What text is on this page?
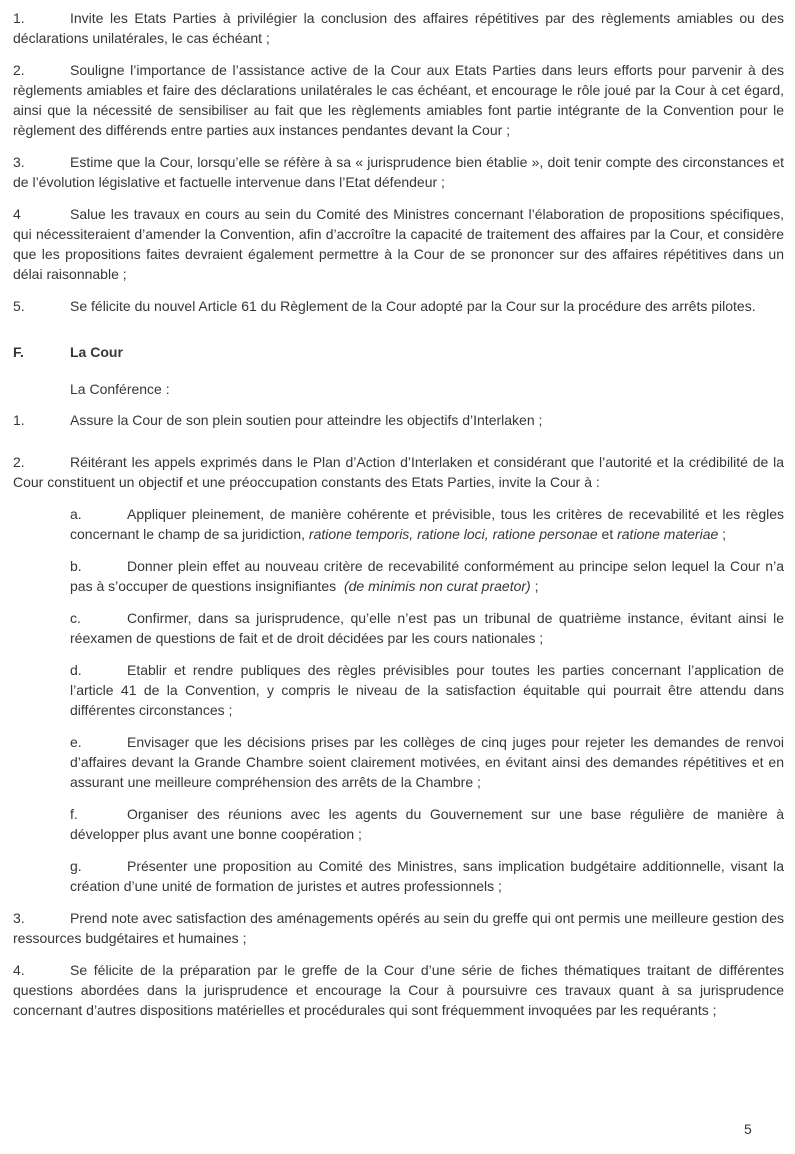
1.	Invite les Etats Parties à privilégier la conclusion des affaires répétitives par des règlements amiables ou des déclarations unilatérales, le cas échéant ;

2.	Souligne l’importance de l’assistance active de la Cour aux Etats Parties dans leurs efforts pour parvenir à des règlements amiables et faire des déclarations unilatérales le cas échéant, et encourage le rôle joué par la Cour à cet égard, ainsi que la nécessité de sensibiliser au fait que les règlements amiables font partie intégrante de la Convention pour le règlement des différends entre parties aux instances pendantes devant la Cour ;

3.	Estime que la Cour, lorsqu’elle se réfère à sa « jurisprudence bien établie », doit tenir compte des circonstances et de l’évolution législative et factuelle intervenue dans l’Etat défendeur ;

4	Salue les travaux en cours au sein du Comité des Ministres concernant l’élaboration de propositions spécifiques, qui nécessiteraient d’amender la Convention, afin d’accroître la capacité de traitement des affaires par la Cour, et considère que les propositions faites devraient également permettre à la Cour de se prononcer sur des affaires répétitives dans un délai raisonnable ;

5.	Se félicite du nouvel Article 61 du Règlement de la Cour adopté par la Cour sur la procédure des arrêts pilotes.

F.	La Cour

La Conférence :

1.	Assure la Cour de son plein soutien pour atteindre les objectifs d’Interlaken ;

2.	Réitérant les appels exprimés dans le Plan d’Action d’Interlaken et considérant que l’autorité et la crédibilité de la Cour constituent un objectif et une préoccupation constants des Etats Parties, invite la Cour à :

a.	Appliquer pleinement, de manière cohérente et prévisible, tous les critères de recevabilité et les règles concernant le champ de sa juridiction, ratione temporis, ratione loci, ratione personae et ratione materiae ;

b.	Donner plein effet au nouveau critère de recevabilité conformément au principe selon lequel la Cour n’a pas à s’occuper de questions insignifiantes  (de minimis non curat praetor) ;

c.	Confirmer, dans sa jurisprudence, qu’elle n’est pas un tribunal de quatrième instance, évitant ainsi le réexamen de questions de fait et de droit décidées par les cours nationales ;

d.	Etablir et rendre publiques des règles prévisibles pour toutes les parties concernant l’application de l’article 41 de la Convention, y compris le niveau de la satisfaction équitable qui pourrait être attendu dans différentes circonstances ;

e.	Envisager que les décisions prises par les collèges de cinq juges pour rejeter les demandes de renvoi d’affaires devant la Grande Chambre soient clairement motivées, en évitant ainsi des demandes répétitives et en assurant une meilleure compréhension des arrêts de la Chambre ;

f.	Organiser des réunions avec les agents du Gouvernement sur une base régulière de manière à développer plus avant une bonne coopération ;

g.	Présenter une proposition au Comité des Ministres, sans implication budgétaire additionnelle, visant la création d’une unité de formation de juristes et autres professionnels ;

3.	Prend note avec satisfaction des aménagements opérés au sein du greffe qui ont permis une meilleure gestion des ressources budgétaires et humaines ;

4.	Se félicite de la préparation par le greffe de la Cour d’une série de fiches thématiques traitant de différentes questions abordées dans la jurisprudence et encourage la Cour à poursuivre ces travaux quant à sa jurisprudence concernant d’autres dispositions matérielles et procédurales qui sont fréquemment invoquées par les requérants ;

5
